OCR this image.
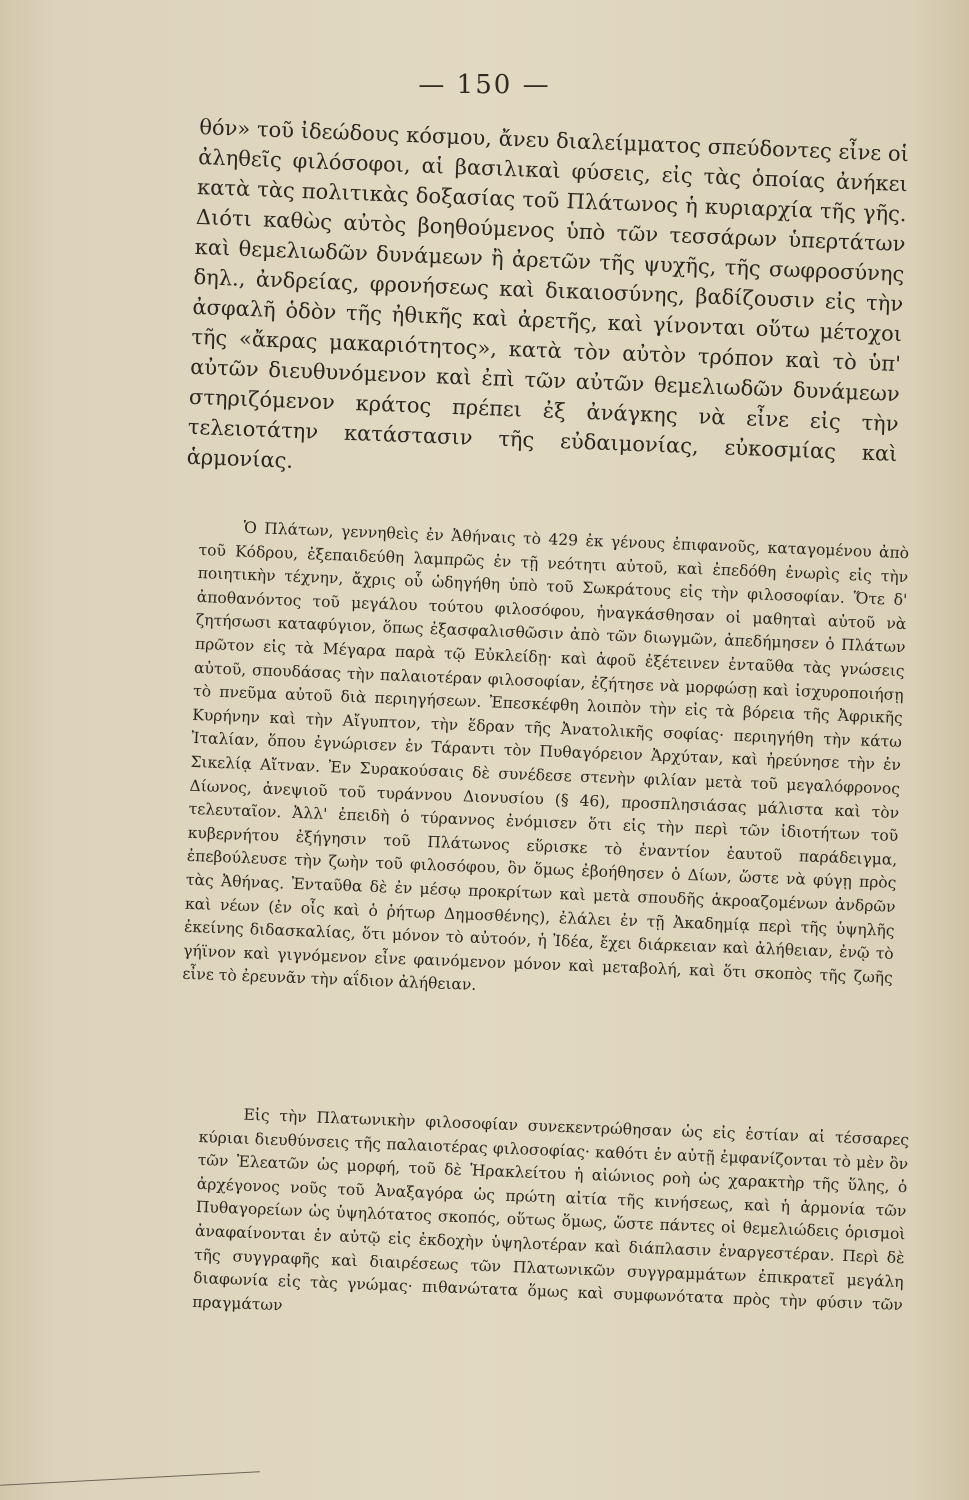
— 150 —

θόν» τοῦ ἰδεώδους κόσμου, ἄνευ διαλείμματος σπεύδοντες εἶνε οἱ ἀληθεῖς φιλόσοφοι, αἱ βασιλικαὶ φύσεις, εἰς τὰς ὁποίας ἀνήκει κατὰ τὰς πολιτικὰς δοξασίας τοῦ Πλάτωνος ἡ κυριαρχία τῆς γῆς. Διότι καθὼς αὐτὸς βοηθούμενος ὑπὸ τῶν τεσσάρων ὑπερτάτων καὶ θεμελιωδῶν δυνάμεων ἢ ἀρετῶν τῆς ψυχῆς, τῆς σωφροσύνης δηλ., ἀνδρείας, φρονήσεως καὶ δικαιοσύνης, βαδίζουσιν εἰς τὴν ἀσφαλῆ ὁδὸν τῆς ἠθικῆς καὶ ἀρετῆς, καὶ γίνονται οὕτω μέτοχοι τῆς «ἄκρας μακαριότητος», κατὰ τὸν αὐτὸν τρόπον καὶ τὸ ὑπ' αὐτῶν διευθυνόμενον καὶ ἐπὶ τῶν αὐτῶν θεμελιωδῶν δυνάμεων στηριζόμενον κράτος πρέπει ἐξ ἀνάγκης νὰ εἶνε εἰς τὴν τελειοτάτην κατάστασιν τῆς εὐδαιμονίας, εὐκοσμίας καὶ ἁρμονίας.

Ὁ Πλάτων, γεννηθεὶς ἐν Ἀθήναις τὸ 429 ἐκ γένους ἐπιφανοῦς, καταγομένου ἀπὸ τοῦ Κόδρου, ἐξεπαιδεύθη λαμπρῶς ἐν τῇ νεότητι αὐτοῦ, καὶ ἐπεδόθη ἐνωρὶς εἰς τὴν ποιητικὴν τέχνην, ἄχρις οὗ ὡδηγήθη ὑπὸ τοῦ Σωκράτους εἰς τὴν φιλοσοφίαν. Ὅτε δ' ἀποθανόντος τοῦ μεγάλου τούτου φιλοσόφου, ἠναγκάσθησαν οἱ μαθηταὶ αὐτοῦ νὰ ζητήσωσι καταφύγιον, ὅπως ἐξασφαλισθῶσιν ἀπὸ τῶν διωγμῶν, ἀπεδήμησεν ὁ Πλάτων πρῶτον εἰς τὰ Μέγαρα παρὰ τῷ Εὐκλείδῃ· καὶ ἀφοῦ ἐξέτεινεν ἐνταῦθα τὰς γνώσεις αὐτοῦ, σπουδάσας τὴν παλαιοτέραν φιλοσοφίαν, ἐζήτησε νὰ μορφώσῃ καὶ ἰσχυροποιήσῃ τὸ πνεῦμα αὐτοῦ διὰ περιηγήσεων. Ἐπεσκέφθη λοιπὸν τὴν εἰς τὰ βόρεια τῆς Ἀφρικῆς Κυρήνην καὶ τὴν Αἴγυπτον, τὴν ἕδραν τῆς Ἀνατολικῆς σοφίας· περιηγήθη τὴν κάτω Ἰταλίαν, ὅπου ἐγνώρισεν ἐν Τάραντι τὸν Πυθαγόρειον Ἀρχύταν, καὶ ἠρεύνησε τὴν ἐν Σικελίᾳ Αἴτναν. Ἐν Συρακούσαις δὲ συνέδεσε στενὴν φιλίαν μετὰ τοῦ μεγαλόφρονος Δίωνος, ἀνεψιοῦ τοῦ τυράννου Διονυσίου (§ 46), προσπλησιάσας μάλιστα καὶ τὸν τελευταῖον. Ἀλλ' ἐπειδὴ ὁ τύραννος ἐνόμισεν ὅτι εἰς τὴν περὶ τῶν ἰδιοτήτων τοῦ κυβερνήτου ἐξήγησιν τοῦ Πλάτωνος εὕρισκε τὸ ἐναντίον ἑαυτοῦ παράδειγμα, ἐπεβούλευσε τὴν ζωὴν τοῦ φιλοσόφου, ὃν ὅμως ἐβοήθησεν ὁ Δίων, ὥστε νὰ φύγῃ πρὸς τὰς Ἀθήνας. Ἐνταῦθα δὲ ἐν μέσῳ προκρίτων καὶ μετὰ σπουδῆς ἀκροαζομένων ἀνδρῶν καὶ νέων (ἐν οἷς καὶ ὁ ῥήτωρ Δημοσθένης), ἐλάλει ἐν τῇ Ἀκαδημίᾳ περὶ τῆς ὑψηλῆς ἐκείνης διδασκαλίας, ὅτι μόνον τὸ αὐτοόν, ἡ Ἰδέα, ἔχει διάρκειαν καὶ ἀλήθειαν, ἐνῷ τὸ γήϊνον καὶ γιγνόμενον εἶνε φαινόμενον μόνον καὶ μεταβολή, καὶ ὅτι σκοπὸς τῆς ζωῆς εἶνε τὸ ἐρευνᾶν τὴν αΐδιον ἀλήθειαν.

Εἰς τὴν Πλατωνικὴν φιλοσοφίαν συνεκεντρώθησαν ὡς εἰς ἑστίαν αἱ τέσσαρες κύριαι διευθύνσεις τῆς παλαιοτέρας φιλοσοφίας· καθότι ἐν αὐτῇ ἐμφανίζονται τὸ μὲν ὂν τῶν Ἐλεατῶν ὡς μορφή, τοῦ δὲ Ἡρακλείτου ἡ αἰώνιος ροὴ ὡς χαρακτὴρ τῆς ὕλης, ὁ ἀρχέγονος νοῦς τοῦ Ἀναξαγόρα ὡς πρώτη αἰτία τῆς κινήσεως, καὶ ἡ ἁρμονία τῶν Πυθαγορείων ὡς ὑψηλότατος σκοπός, οὕτως ὅμως, ὥστε πάντες οἱ θεμελιώδεις ὁρισμοὶ ἀναφαίνονται ἐν αὐτῷ εἰς ἐκδοχὴν ὑψηλοτέραν καὶ διάπλασιν ἐναργεστέραν. Περὶ δὲ τῆς συγγραφῆς καὶ διαιρέσεως τῶν Πλατωνικῶν συγγραμμάτων ἐπικρατεῖ μεγάλη διαφωνία εἰς τὰς γνώμας· πιθανώτατα ὅμως καὶ συμφωνότατα πρὸς τὴν φύσιν τῶν πραγμάτων
